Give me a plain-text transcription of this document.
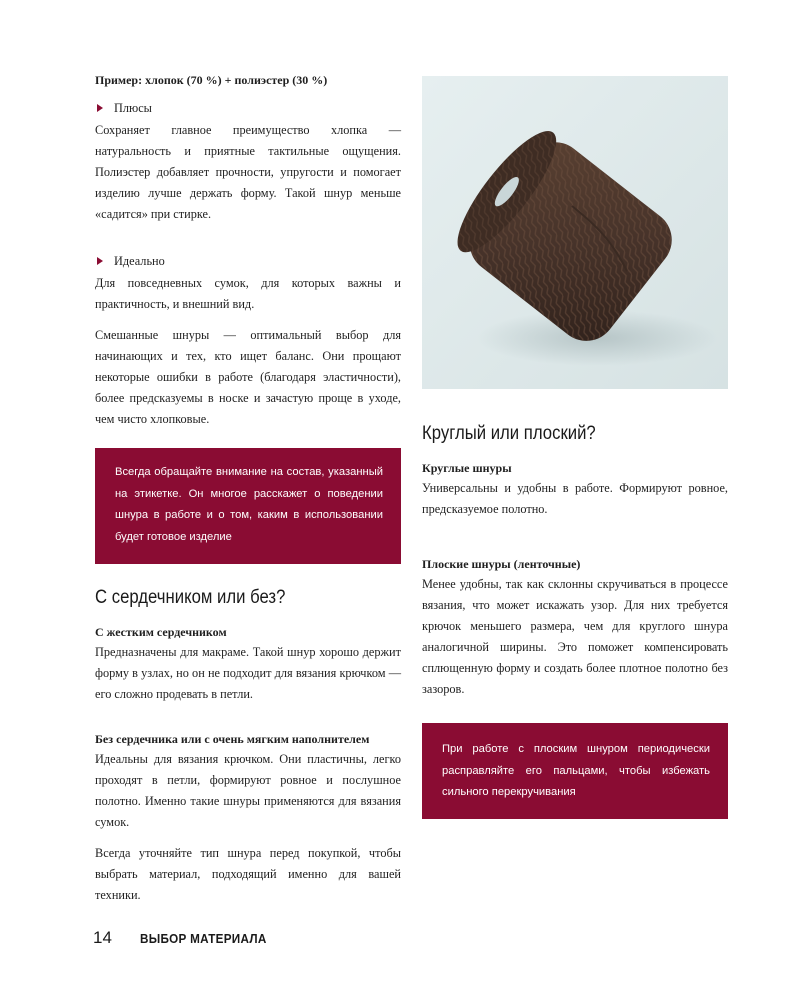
Пример: хлопок (70 %) + полиэстер (30 %)
Плюсы

Сохраняет главное преимущество хлопка — натуральность и приятные тактильные ощущения. Полиэстер добавляет прочности, упругости и помогает изделию лучше держать форму. Такой шнур меньше «садится» при стирке.

Идеально

Для повседневных сумок, для которых важны и практичность, и внешний вид.

Смешанные шнуры — оптимальный выбор для начинающих и тех, кто ищет баланс. Они прощают некоторые ошибки в работе (благодаря эластичности), более предсказуемы в носке и зачастую проще в уходе, чем чисто хлопковые.

Всегда обращайте внимание на состав, указанный на этикетке. Он многое расскажет о поведении шнура в работе и о том, каким в использовании будет готовое изделие
С сердечником или без?
С жестким сердечником

Предназначены для макраме. Такой шнур хорошо держит форму в узлах, но он не подходит для вязания крючком — его сложно продевать в петли.

Без сердечника или с очень мягким наполнителем

Идеальны для вязания крючком. Они пластичны, легко проходят в петли, формируют ровное и послушное полотно. Именно такие шнуры применяются для вязания сумок.

Всегда уточняйте тип шнура перед покупкой, чтобы выбрать материал, подходящий именно для вашей техники.

Круглый или плоский?
Круглые шнуры

Универсальны и удобны в работе. Формируют ровное, предсказуемое полотно.

Плоские шнуры (ленточные)

Менее удобны, так как склонны скручиваться в процессе вязания, что может искажать узор. Для них требуется крючок меньшего размера, чем для круглого шнура аналогичной ширины. Это поможет компенсировать сплющенную форму и создать более плотное полотно без зазоров.

При работе с плоским шнуром периодически расправляйте его пальцами, чтобы избежать сильного перекручивания
14 ВЫБОР МАТЕРИАЛА
